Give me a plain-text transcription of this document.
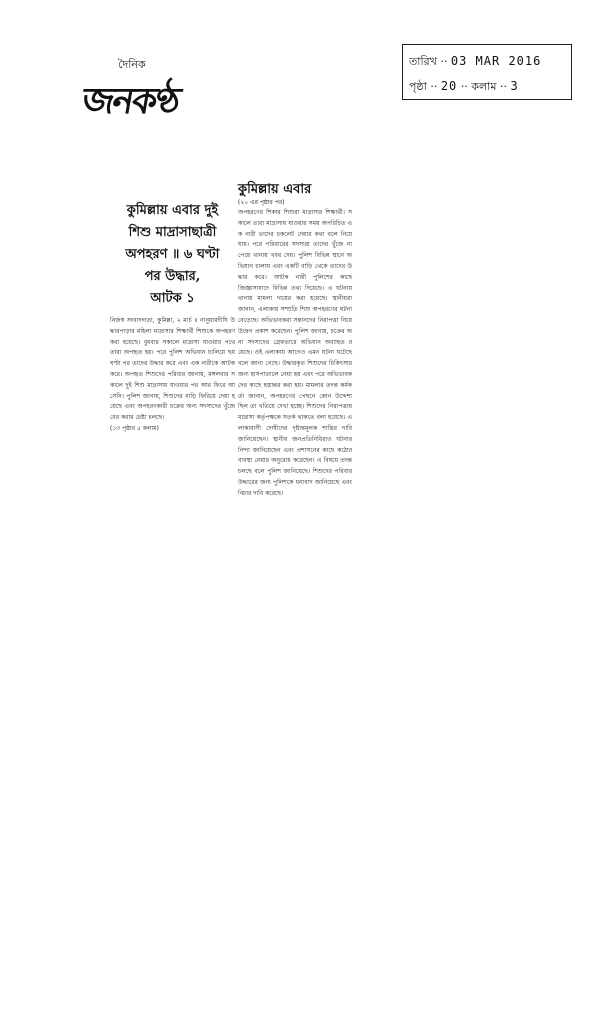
তারিখ ·· 03 MAR 2016
পৃষ্ঠা ·· 20 ·· কলাম ·· 3
দৈনিক
জনকণ্ঠ
কুমিল্লায় এবার দুই
শিশু মাদ্রাসাছাত্রী
অপহরণ ॥ ৬ ঘণ্টা
পর উদ্ধার,
আটক ১
নিজস্ব সংবাদদাতা, কুমিল্লা, ২ মার্চ ॥ নানুয়ারদীঘি উদ্ধারপাড়ার মহিলা মাদ্রাসার শিক্ষার্থী শিশুকে অপহরণ করা হয়েছে। বুধবার সকালে মাদ্রাসা যাওয়ার পথে তারা অপহৃত হয়। পরে পুলিশ অভিযান চালিয়ে ছয় ঘণ্টা পর তাদের উদ্ধার করে এবং এক নারীকে আটক করে। অপহৃত শিশুদের পরিবার জানায়, মঙ্গলবার সকালে দুই শিশু মাদ্রাসায় যাওয়ার পর আর ফিরে আসেনি। পুলিশ জানায়, শিশুদের বাড়ি ফিরিয়ে দেয়া হয়েছে এবং অপহরণকারী চক্রের অন্য সদস্যদের খুঁজে বের করার চেষ্টা চলছে।
(১৩ পৃষ্ঠার ৫ কলাম)
কুমিল্লায় এবার
(২০ এর পৃষ্ঠার পর)
অপহরণের শিকার শিশুরা মাদ্রাসার শিক্ষার্থী। সকালে তারা মাদ্রাসায় যাওয়ার সময় অপরিচিত এক নারী তাদের চকলেট দেয়ার কথা বলে নিয়ে যায়। পরে পরিবারের সদস্যরা তাদের খুঁজে না পেয়ে থানায় খবর দেয়। পুলিশ বিভিন্ন স্থানে অভিযান চালায় এবং একটি বাড়ি থেকে তাদের উদ্ধার করে। আটক নারী পুলিশের কাছে জিজ্ঞাসাবাদে বিভিন্ন তথ্য দিয়েছে। এ ঘটনায় থানায় মামলা দায়ের করা হয়েছে। স্থানীয়রা জানান, এলাকায় সম্প্রতি শিশু অপহরণের ঘটনা বেড়েছে। অভিভাবকরা সন্তানদের নিরাপত্তা নিয়ে উদ্বেগ প্রকাশ করেছেন। পুলিশ জানায়, চক্রের অন্য সদস্যদের গ্রেফতারে অভিযান অব্যাহত রয়েছে। ওই এলাকায় আগেও এমন ঘটনা ঘটেছে বলে জানা গেছে। উদ্ধারকৃত শিশুদের চিকিৎসার জন্য হাসপাতালে নেয়া হয় এবং পরে অভিভাবকদের কাছে হস্তান্তর করা হয়। মামলার তদন্ত কর্মকর্তা জানান, অপহরণের পেছনে কোন উদ্দেশ্য ছিল তা খতিয়ে দেখা হচ্ছে। শিশুদের নিরাপত্তায় মাদ্রাসা কর্তৃপক্ষকে সতর্ক থাকতে বলা হয়েছে। এলাকাবাসী দোষীদের দৃষ্টান্তমূলক শাস্তির দাবি জানিয়েছেন। স্থানীয় জনপ্রতিনিধিরাও ঘটনার নিন্দা জানিয়েছেন এবং প্রশাসনের কাছে কঠোর ব্যবস্থা নেয়ার অনুরোধ করেছেন। এ বিষয়ে তদন্ত চলছে বলে পুলিশ জানিয়েছে। শিশুদের পরিবার উদ্ধারের জন্য পুলিশকে ধন্যবাদ জানিয়েছে এবং বিচার দাবি করেছে।
